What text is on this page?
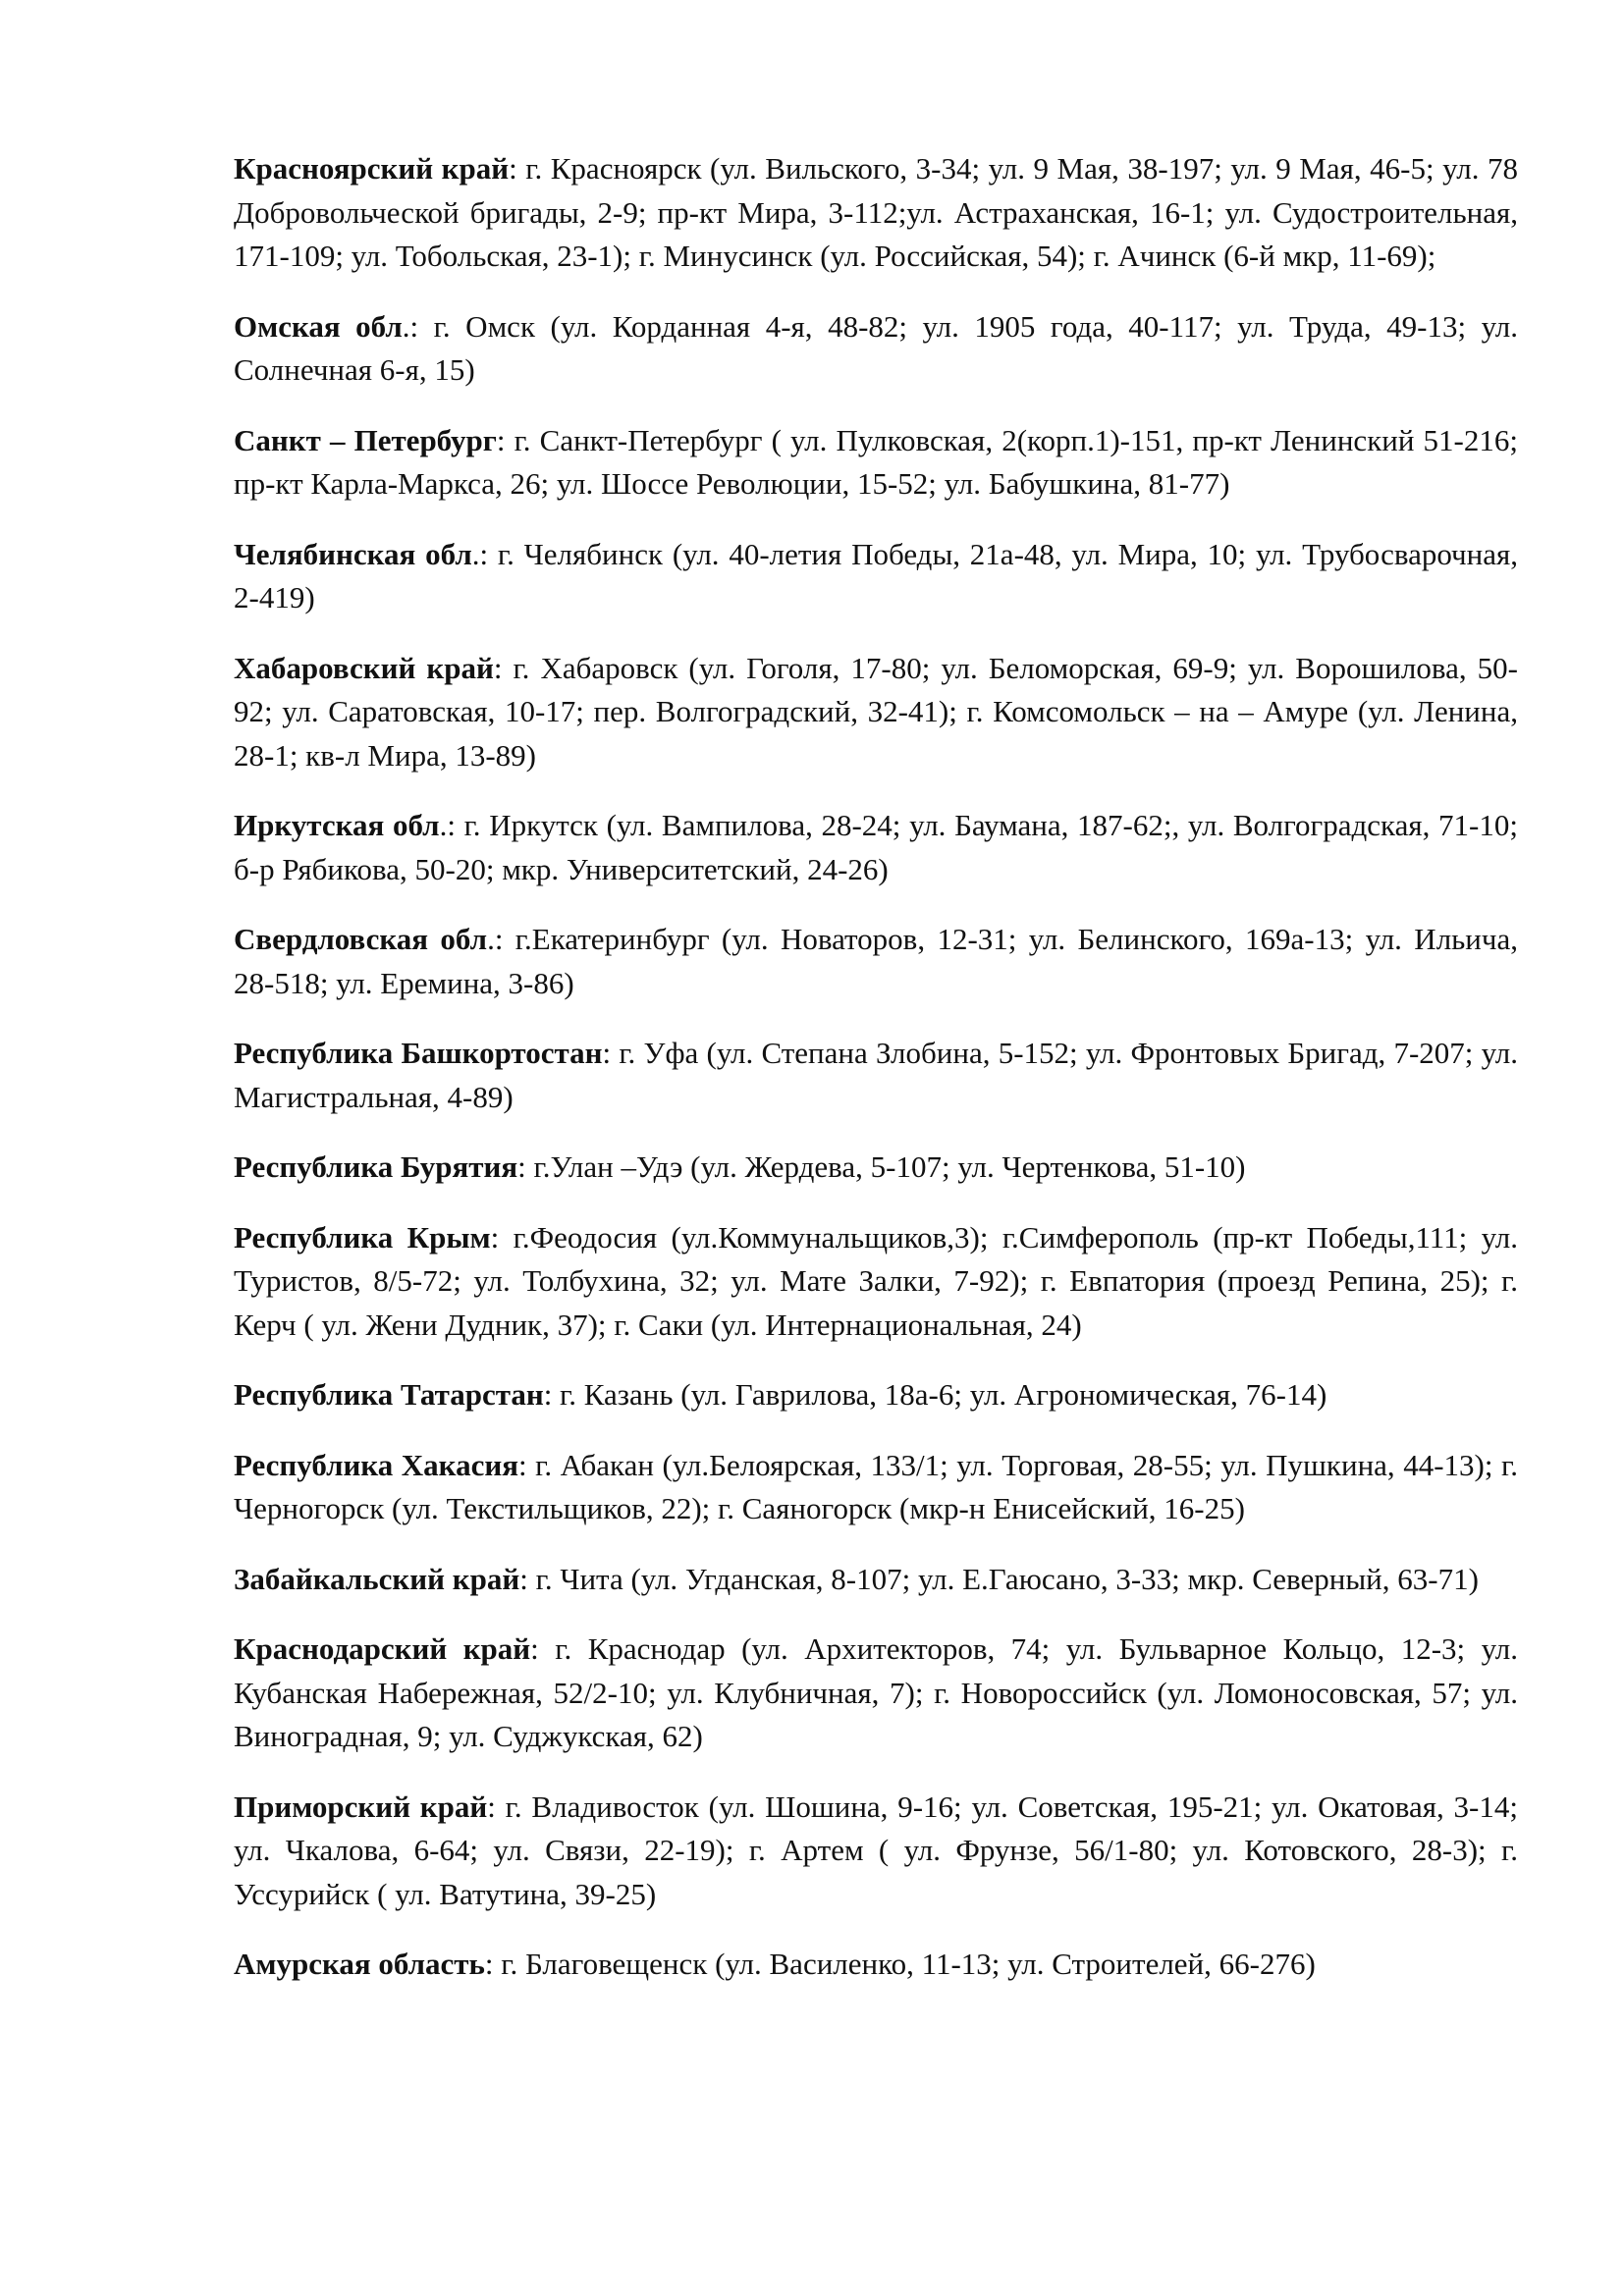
Красноярский край: г. Красноярск (ул. Вильского, 3-34; ул. 9 Мая, 38-197; ул. 9 Мая, 46-5; ул. 78 Добровольческой бригады, 2-9; пр-кт Мира, 3-112;ул. Астраханская, 16-1; ул. Судостроительная, 171-109; ул. Тобольская, 23-1); г. Минусинск (ул. Российская, 54); г. Ачинск (6-й мкр, 11-69);

Омская обл.: г. Омск (ул. Корданная 4-я, 48-82; ул. 1905 года, 40-117; ул. Труда, 49-13; ул. Солнечная 6-я, 15)

Санкт – Петербург: г. Санкт-Петербург ( ул. Пулковская, 2(корп.1)-151, пр-кт Ленинский 51-216; пр-кт Карла-Маркса, 26; ул. Шоссе Революции, 15-52; ул. Бабушкина, 81-77)

Челябинская обл.: г. Челябинск (ул. 40-летия Победы, 21а-48, ул. Мира, 10; ул. Трубосварочная, 2-419)

Хабаровский край: г. Хабаровск (ул. Гоголя, 17-80; ул. Беломорская, 69-9; ул. Ворошилова, 50-92; ул. Саратовская, 10-17; пер. Волгоградский, 32-41); г. Комсомольск – на – Амуре (ул. Ленина, 28-1; кв-л Мира, 13-89)

Иркутская обл.: г. Иркутск (ул. Вампилова, 28-24; ул. Баумана, 187-62;, ул. Волгоградская, 71-10; б-р Рябикова, 50-20; мкр. Университетский, 24-26)

Свердловская обл.: г.Екатеринбург (ул. Новаторов, 12-31; ул. Белинского, 169а-13; ул. Ильича, 28-518; ул. Еремина, 3-86)

Республика Башкортостан: г. Уфа (ул. Степана Злобина, 5-152; ул. Фронтовых Бригад, 7-207; ул. Магистральная, 4-89)

Республика Бурятия: г.Улан –Удэ (ул. Жердева, 5-107; ул. Чертенкова, 51-10)

Республика Крым: г.Феодосия (ул.Коммунальщиков,3); г.Симферополь (пр-кт Победы,111; ул. Туристов, 8/5-72; ул. Толбухина, 32; ул. Мате Залки, 7-92); г. Евпатория (проезд Репина, 25); г. Керч ( ул. Жени Дудник, 37); г. Саки (ул. Интернациональная, 24)

Республика Татарстан: г. Казань (ул. Гаврилова, 18а-6; ул. Агрономическая, 76-14)

Республика Хакасия: г. Абакан (ул.Белоярская, 133/1; ул. Торговая, 28-55; ул. Пушкина, 44-13); г. Черногорск (ул. Текстильщиков, 22); г. Саяногорск (мкр-н Енисейский, 16-25)

Забайкальский край: г. Чита (ул. Угданская, 8-107; ул. Е.Гаюсано, 3-33; мкр. Северный, 63-71)

Краснодарский край: г. Краснодар (ул. Архитекторов, 74; ул. Бульварное Кольцо, 12-3; ул. Кубанская Набережная, 52/2-10; ул. Клубничная, 7); г. Новороссийск (ул. Ломоносовская, 57; ул. Виноградная, 9; ул. Суджукская, 62)

Приморский край: г. Владивосток (ул. Шошина, 9-16; ул. Советская, 195-21; ул. Окатовая, 3-14; ул. Чкалова, 6-64; ул. Связи, 22-19); г. Артем ( ул. Фрунзе, 56/1-80; ул. Котовского, 28-3); г. Уссурийск ( ул. Ватутина, 39-25)

Амурская область: г. Благовещенск (ул. Василенко, 11-13; ул. Строителей, 66-276)
